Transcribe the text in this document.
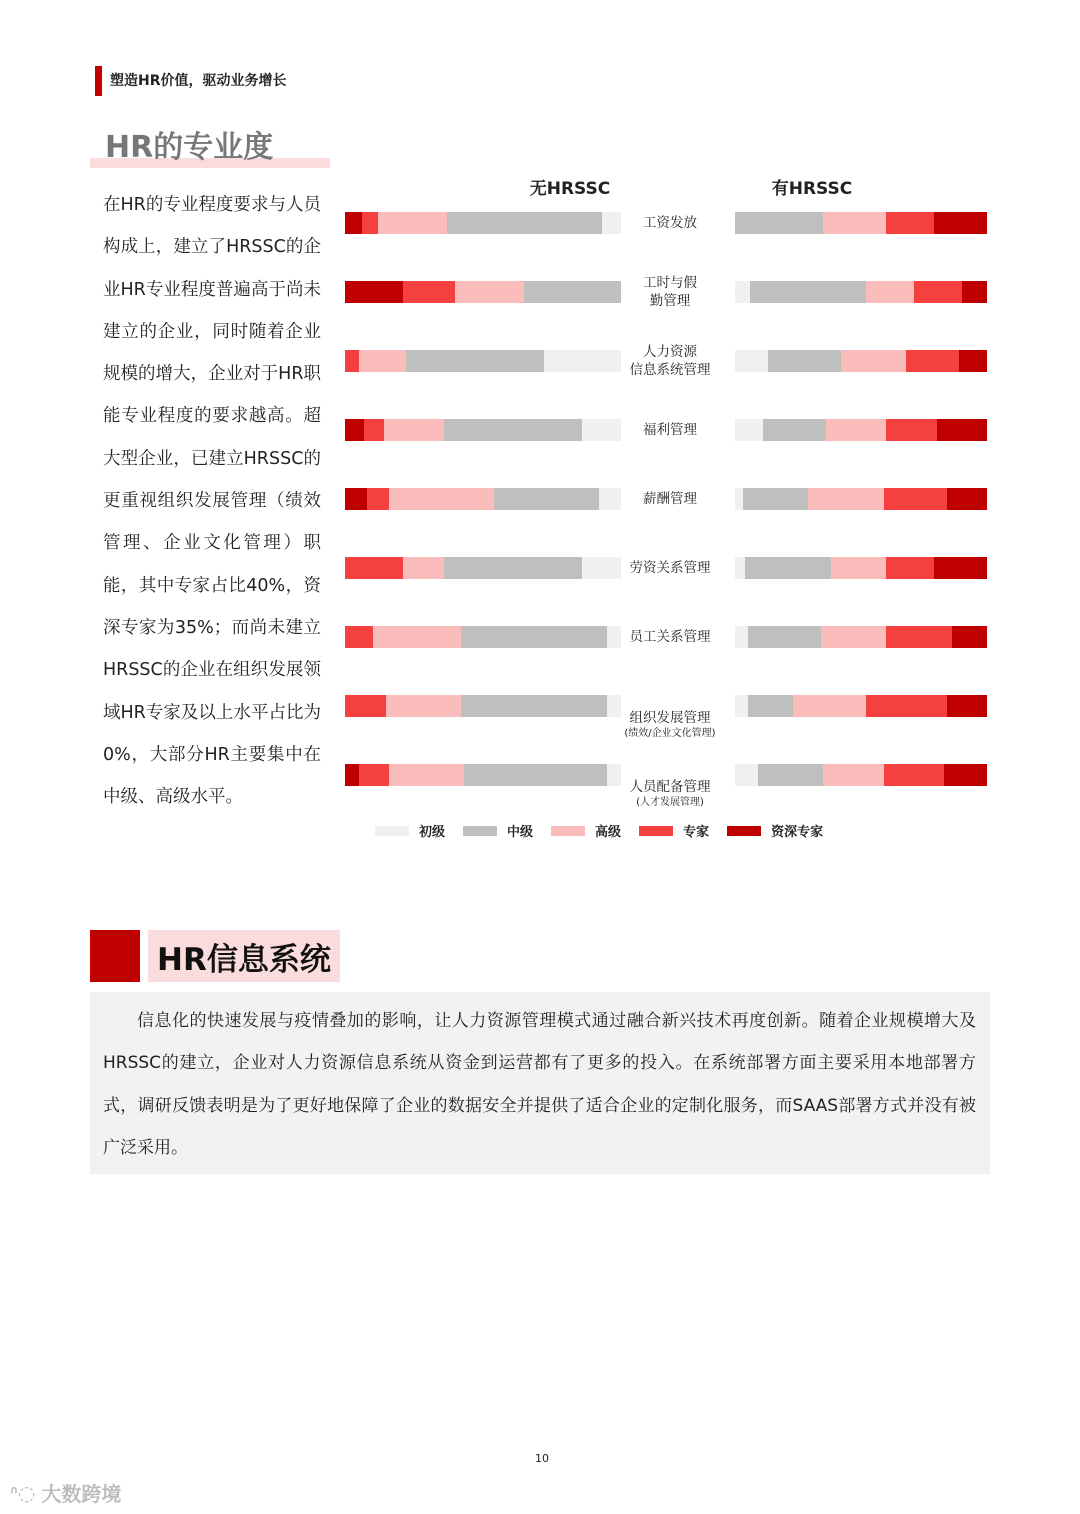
塑造HR价值，驱动业务增长
HR的专业度
在HR的专业程度要求与人员构成上，建立了HRSSC的企业HR专业程度普遍高于尚未建立的企业，同时随着企业规模的增大，企业对于HR职能专业程度的要求越高。超大型企业，已建立HRSSC的更重视组织发展管理（绩效管理、企业文化管理）职能，其中专家占比40%，资深专家为35%；而尚未建立HRSSC的企业在组织发展领域HR专家及以上水平占比为0%，大部分HR主要集中在中级、高级水平。
无HRSSC	有HRSSC
工资发放
工时与假
勤管理
人力资源
信息系统管理
福利管理
薪酬管理
劳资关系管理
员工关系管理
组织发展管理
(绩效/企业文化管理)
人员配备管理
(人才发展管理)
初级	中级	高级	专家	资深专家
HR信息系统

信息化的快速发展与疫情叠加的影响，让人力资源管理模式通过融合新兴技术再度创新。随着企业规模增大及HRSSC的建立，企业对人力资源信息系统从资金到运营都有了更多的投入。在系统部署方面主要采用本地部署方式，调研反馈表明是为了更好地保障了企业的数据安全并提供了适合企业的定制化服务，而SAAS部署方式并没有被广泛采用。

10
ᐢ◌ 大数跨境
